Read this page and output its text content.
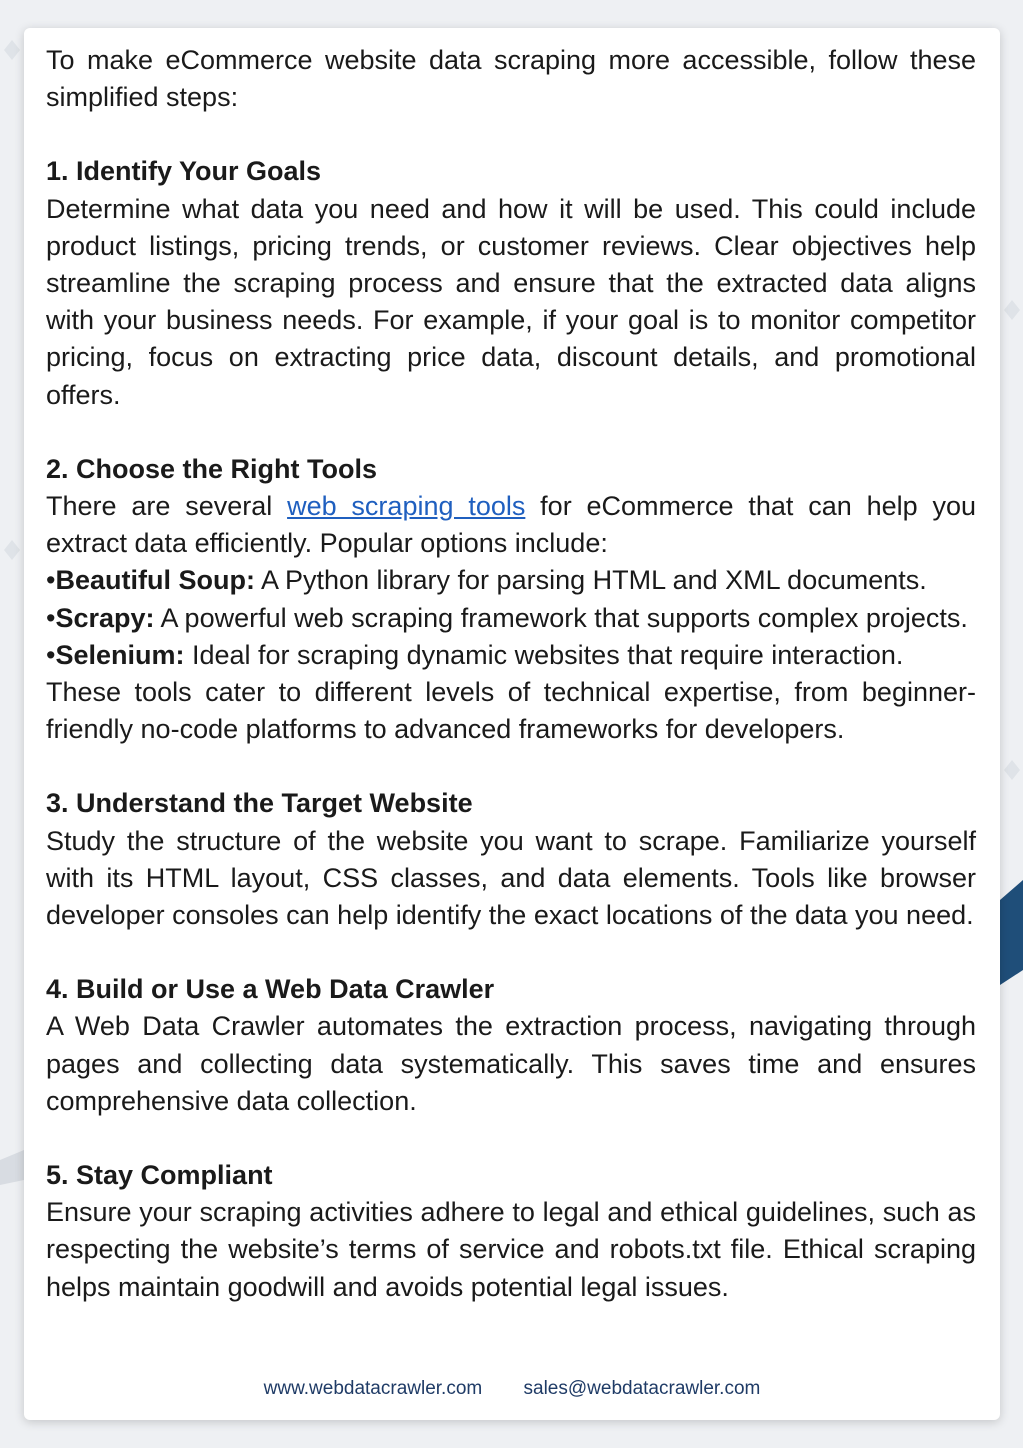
To make eCommerce website data scraping more accessible, follow these simplified steps:

1. Identify Your Goals

Determine what data you need and how it will be used. This could include product listings, pricing trends, or customer reviews. Clear objectives help streamline the scraping process and ensure that the extracted data aligns with your business needs. For example, if your goal is to monitor competitor pricing, focus on extracting price data, discount details, and promotional offers.

2. Choose the Right Tools

There are several web scraping tools for eCommerce that can help you extract data efficiently. Popular options include:

•Beautiful Soup: A Python library for parsing HTML and XML documents.

•Scrapy: A powerful web scraping framework that supports complex projects.

•Selenium: Ideal for scraping dynamic websites that require interaction.

These tools cater to different levels of technical expertise, from beginner-friendly no-code platforms to advanced frameworks for developers.

3. Understand the Target Website

Study the structure of the website you want to scrape. Familiarize yourself with its HTML layout, CSS classes, and data elements. Tools like browser developer consoles can help identify the exact locations of the data you need.

4. Build or Use a Web Data Crawler

A Web Data Crawler automates the extraction process, navigating through pages and collecting data systematically. This saves time and ensures comprehensive data collection.

5. Stay Compliant

Ensure your scraping activities adhere to legal and ethical guidelines, such as respecting the website’s terms of service and robots.txt file. Ethical scraping helps maintain goodwill and avoids potential legal issues.

www.webdatacrawler.com sales@webdatacrawler.com
